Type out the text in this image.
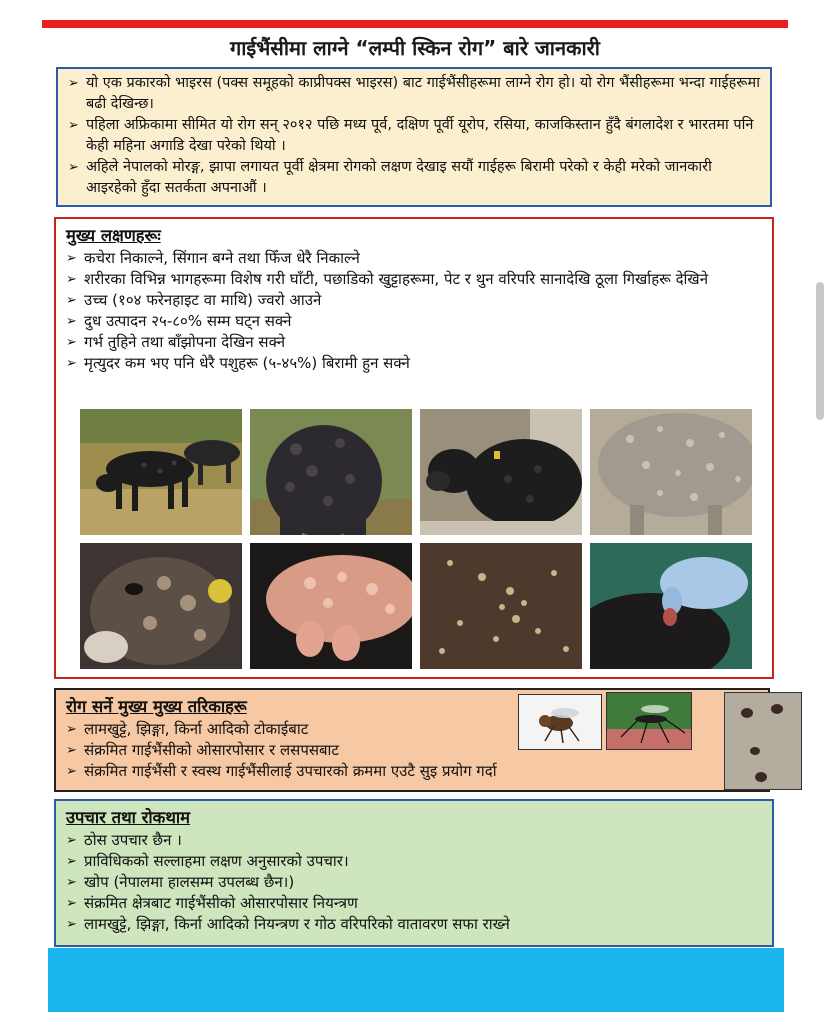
गाईभैंसीमा लाग्ने “लम्पी स्किन रोग” बारे जानकारी
➢ यो एक प्रकारको भाइरस (पक्स समूहको काप्रीपक्स भाइरस) बाट गाईभैंसीहरूमा लाग्ने रोग हो। यो रोग भैंसीहरूमा भन्दा गाईहरूमा बढी देखिन्छ।
➢ पहिला अफ्रिकामा सीमित यो रोग सन् २०१२ पछि मध्य पूर्व, दक्षिण पूर्वी यूरोप, रसिया, काजकिस्तान हुँदै बंगलादेश र भारतमा पनि केही महिना अगाडि देखा परेको थियो ।
➢ अहिले नेपालको मोरङ्ग, झापा लगायत पूर्वी क्षेत्रमा रोगको लक्षण देखाइ सयौं गाईहरू बिरामी परेको र केही मरेको जानकारी आइरहेको हुँदा सतर्कता अपनाऔं ।
मुख्य लक्षणहरूः
➢ कचेरा निकाल्ने, सिंगान बग्ने तथा फिँज धेरै निकाल्ने
➢ शरीरका विभिन्न भागहरूमा विशेष गरी घाँटी, पछाडिको खुट्टाहरूमा, पेट र थुन वरिपरि सानादेखि ठूला गिर्खाहरू देखिने
➢ उच्च (१०४ फरेनहाइट वा माथि) ज्वरो आउने
➢ दुध उत्पादन २५-८०% सम्म घट्न सक्ने
➢ गर्भ तुहिने तथा बाँझोपना देखिन सक्ने
➢ मृत्युदर कम भए पनि धेरै पशुहरू (५-४५%) बिरामी हुन सक्ने
रोग सर्ने मुख्य मुख्य तरिकाहरू
➢ लामखुट्टे, झिङ्गा, किर्ना आदिको टोकाईबाट
➢ संक्रमित गाईभैंसीको ओसारपोसार र लसपसबाट
➢ संक्रमित गाईभैंसी र स्वस्थ गाईभैंसीलाई उपचारको क्रममा एउटै सुइ प्रयोग गर्दा
उपचार तथा रोकथाम
➢ ठोस उपचार छैन ।
➢ प्राविधिकको सल्लाहमा लक्षण अनुसारको उपचार।
➢ खोप (नेपालमा हालसम्म उपलब्ध छैन।)
➢ संक्रमित क्षेत्रबाट गाईभैंसीको ओसारपोसार नियन्त्रण
➢ लामखुट्टे, झिङ्गा, किर्ना आदिको नियन्त्रण र गोठ वरिपरिको वातावरण सफा राख्ने
